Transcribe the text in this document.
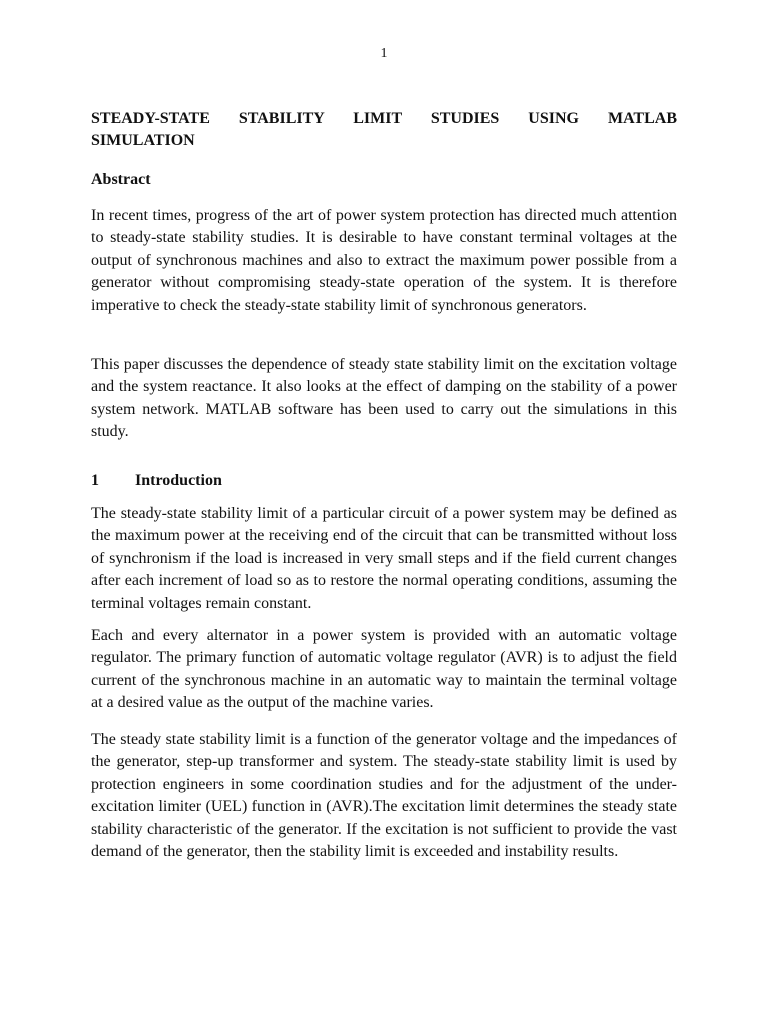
1
STEADY-STATE STABILITY LIMIT STUDIES USING MATLAB
SIMULATION
Abstract

In recent times, progress of the art of power system protection has directed much attention to steady-state stability studies. It is desirable to have constant terminal voltages at the output of synchronous machines and also to extract the maximum power possible from a generator without compromising steady-state operation of the system. It is therefore imperative to check the steady-state stability limit of synchronous generators.

This paper discusses the dependence of steady state stability limit on the excitation voltage and the system reactance. It also looks at the effect of damping on the stability of a power system network. MATLAB software has been used to carry out the simulations in this study.

1 Introduction

The steady-state stability limit of a particular circuit of a power system may be defined as the maximum power at the receiving end of the circuit that can be transmitted without loss of synchronism if the load is increased in very small steps and if the field current changes after each increment of load so as to restore the normal operating conditions, assuming the terminal voltages remain constant.

Each and every alternator in a power system is provided with an automatic voltage regulator. The primary function of automatic voltage regulator (AVR) is to adjust the field current of the synchronous machine in an automatic way to maintain the terminal voltage at a desired value as the output of the machine varies.

The steady state stability limit is a function of the generator voltage and the impedances of the generator, step-up transformer and system. The steady-state stability limit is used by protection engineers in some coordination studies and for the adjustment of the under-excitation limiter (UEL) function in (AVR).The excitation limit determines the steady state stability characteristic of the generator. If the excitation is not sufficient to provide the vast demand of the generator, then the stability limit is exceeded and instability results.
